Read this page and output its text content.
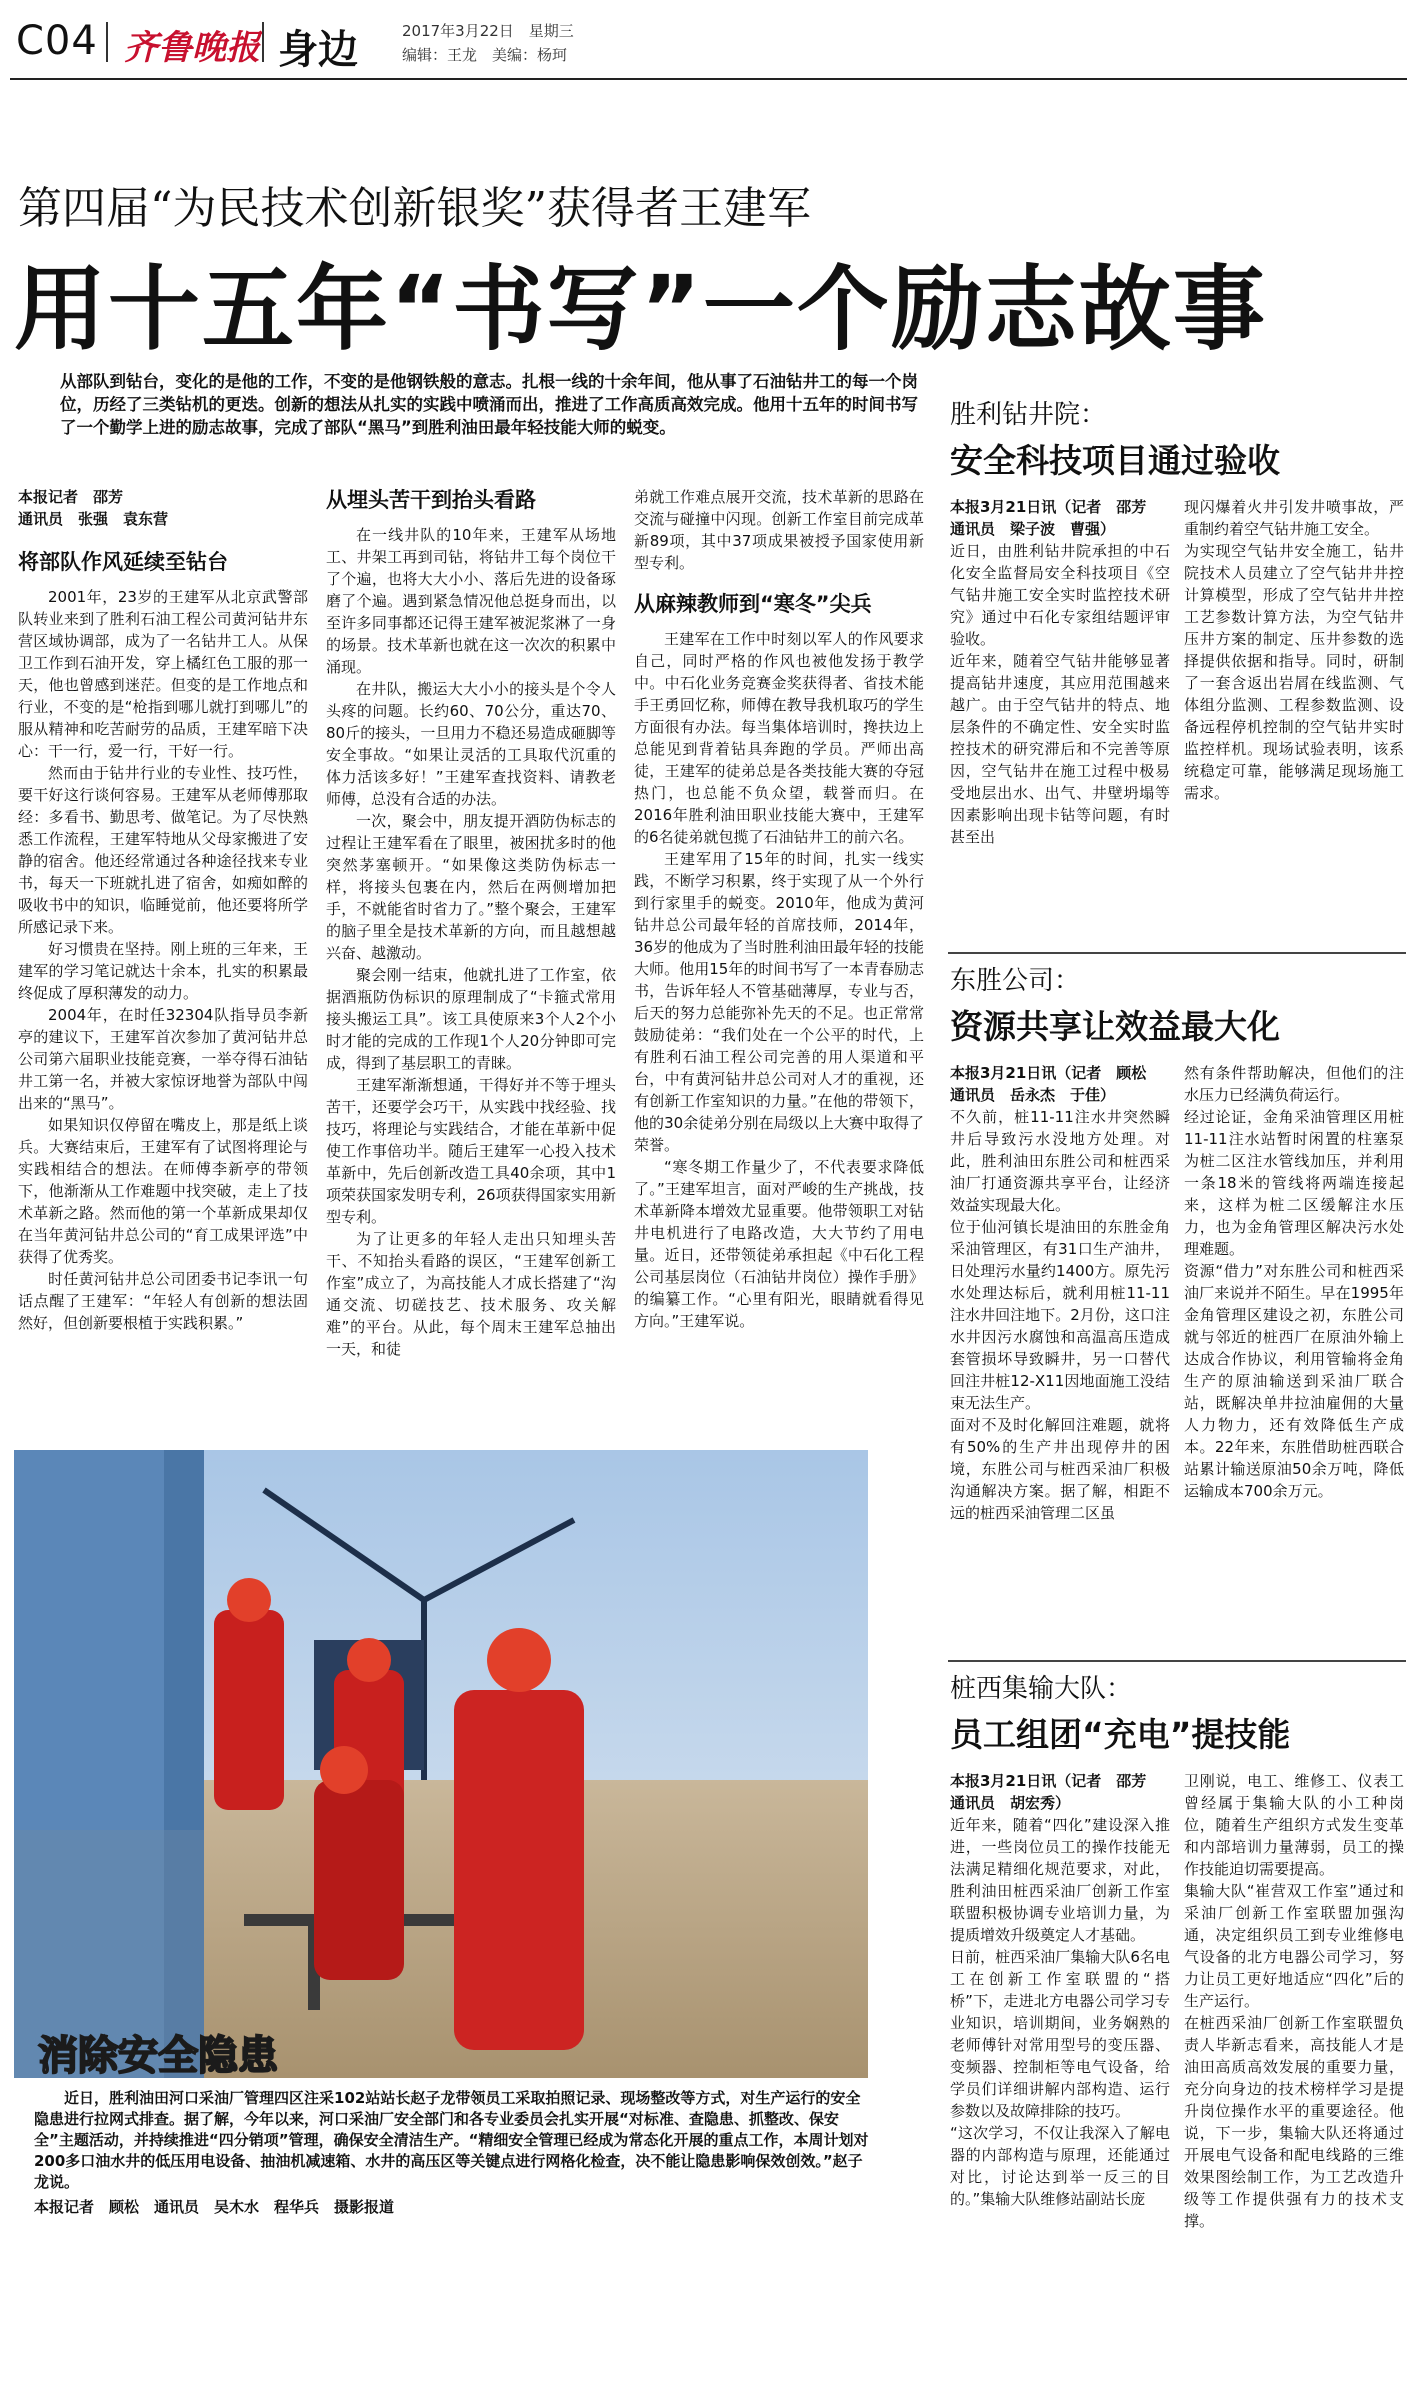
C04 齐鲁晚报 身边	2017年3月22日　星期三
编辑：王龙　美编：杨珂
第四届“为民技术创新银奖”获得者王建军
用十五年“书写”一个励志故事
从部队到钻台，变化的是他的工作，不变的是他钢铁般的意志。扎根一线的十余年间，他从事了石油钻井工的每一个岗位，历经了三类钻机的更迭。创新的想法从扎实的实践中喷涌而出，推进了工作高质高效完成。他用十五年的时间书写了一个勤学上进的励志故事，完成了部队“黑马”到胜利油田最年轻技能大师的蜕变。
本报记者　邵芳
通讯员　张强　袁东营
将部队作风延续至钻台

2001年，23岁的王建军从北京武警部队转业来到了胜利石油工程公司黄河钻井东营区域协调部，成为了一名钻井工人。从保卫工作到石油开发，穿上橘红色工服的那一天，他也曾感到迷茫。但变的是工作地点和行业，不变的是“枪指到哪儿就打到哪儿”的服从精神和吃苦耐劳的品质，王建军暗下决心：干一行，爱一行，干好一行。

然而由于钻井行业的专业性、技巧性，要干好这行谈何容易。王建军从老师傅那取经：多看书、勤思考、做笔记。为了尽快熟悉工作流程，王建军特地从父母家搬进了安静的宿舍。他还经常通过各种途径找来专业书，每天一下班就扎进了宿舍，如痴如醉的吸收书中的知识，临睡觉前，他还要将所学所感记录下来。

好习惯贵在坚持。刚上班的三年来，王建军的学习笔记就达十余本，扎实的积累最终促成了厚积薄发的动力。

2004年，在时任32304队指导员李新亭的建议下，王建军首次参加了黄河钻井总公司第六届职业技能竞赛，一举夺得石油钻井工第一名，并被大家惊讶地誉为部队中闯出来的“黑马”。

如果知识仅停留在嘴皮上，那是纸上谈兵。大赛结束后，王建军有了试图将理论与实践相结合的想法。在师傅李新亭的带领下，他渐渐从工作难题中找突破，走上了技术革新之路。然而他的第一个革新成果却仅在当年黄河钻井总公司的“育工成果评选”中获得了优秀奖。

时任黄河钻井总公司团委书记李讯一句话点醒了王建军：“年轻人有创新的想法固然好，但创新要根植于实践积累。”

从埋头苦干到抬头看路

在一线井队的10年来，王建军从场地工、井架工再到司钻，将钻井工每个岗位干了个遍，也将大大小小、落后先进的设备琢磨了个遍。遇到紧急情况他总挺身而出，以至许多同事都还记得王建军被泥浆淋了一身的场景。技术革新也就在这一次次的积累中涌现。

在井队，搬运大大小小的接头是个令人头疼的问题。长约60、70公分，重达70、80斤的接头，一旦用力不稳还易造成砸脚等安全事故。“如果让灵活的工具取代沉重的体力活该多好！”王建军查找资料、请教老师傅，总没有合适的办法。

一次，聚会中，朋友提开酒防伪标志的过程让王建军看在了眼里，被困扰多时的他突然茅塞顿开。“如果像这类防伪标志一样，将接头包裹在内，然后在两侧增加把手，不就能省时省力了。”整个聚会，王建军的脑子里全是技术革新的方向，而且越想越兴奋、越激动。

聚会刚一结束，他就扎进了工作室，依据酒瓶防伪标识的原理制成了“卡箍式常用接头搬运工具”。该工具使原来3个人2个小时才能的完成的工作现1个人20分钟即可完成，得到了基层职工的青睐。

王建军渐渐想通，干得好并不等于埋头苦干，还要学会巧干，从实践中找经验、找技巧，将理论与实践结合，才能在革新中促使工作事倍功半。随后王建军一心投入技术革新中，先后创新改造工具40余项，其中1项荣获国家发明专利，26项获得国家实用新型专利。

为了让更多的年轻人走出只知埋头苦干、不知抬头看路的误区，“王建军创新工作室”成立了，为高技能人才成长搭建了“沟通交流、切磋技艺、技术服务、攻关解难”的平台。从此，每个周末王建军总抽出一天，和徒

弟就工作难点展开交流，技术革新的思路在交流与碰撞中闪现。创新工作室目前完成革新89项，其中37项成果被授予国家使用新型专利。

从麻辣教师到“寒冬”尖兵

王建军在工作中时刻以军人的作风要求自己，同时严格的作风也被他发扬于教学中。中石化业务竞赛金奖获得者、省技术能手王勇回忆称，师傅在教导我机取巧的学生方面很有办法。每当集体培训时，搀扶边上总能见到背着钻具奔跑的学员。严师出高徒，王建军的徒弟总是各类技能大赛的夺冠热门，也总能不负众望，载誉而归。在2016年胜利油田职业技能大赛中，王建军的6名徒弟就包揽了石油钻井工的前六名。

王建军用了15年的时间，扎实一线实践，不断学习积累，终于实现了从一个外行到行家里手的蜕变。2010年，他成为黄河钻井总公司最年轻的首席技师，2014年，36岁的他成为了当时胜利油田最年轻的技能大师。他用15年的时间书写了一本青春励志书，告诉年轻人不管基础薄厚，专业与否，后天的努力总能弥补先天的不足。也正常常鼓励徒弟：“我们处在一个公平的时代，上有胜利石油工程公司完善的用人渠道和平台，中有黄河钻井总公司对人才的重视，还有创新工作室知识的力量。”在他的带领下，他的30余徒弟分别在局级以上大赛中取得了荣誉。

“寒冬期工作量少了，不代表要求降低了。”王建军坦言，面对严峻的生产挑战，技术革新降本增效尤显重要。他带领职工对钻井电机进行了电路改造，大大节约了用电量。近日，还带领徒弟承担起《中石化工程公司基层岗位（石油钻井岗位）操作手册》的编纂工作。“心里有阳光，眼睛就看得见方向。”王建军说。

胜利钻井院：
安全科技项目通过验收
本报3月21日讯（记者　邵芳　通讯员　梁子波　曹强）
近日，由胜利钻井院承担的中石化安全监督局安全科技项目《空气钻井施工安全实时监控技术研究》通过中石化专家组结题评审验收。
近年来，随着空气钻井能够显著提高钻井速度，其应用范围越来越广。由于空气钻井的特点、地层条件的不确定性、安全实时监控技术的研究滞后和不完善等原因，空气钻井在施工过程中极易受地层出水、出气、井壁坍塌等因素影响出现卡钻等问题，有时甚至出
现闪爆着火井引发井喷事故，严重制约着空气钻井施工安全。
为实现空气钻井安全施工，钻井院技术人员建立了空气钻井井控计算模型，形成了空气钻井井控工艺参数计算方法，为空气钻井压井方案的制定、压井参数的选择提供依据和指导。同时，研制了一套含返出岩屑在线监测、气体组分监测、工程参数监测、设备远程停机控制的空气钻井实时监控样机。现场试验表明，该系统稳定可靠，能够满足现场施工需求。
东胜公司：
资源共享让效益最大化
本报3月21日讯（记者　顾松　通讯员　岳永杰　于佳）
不久前，桩11-11注水井突然瞬井后导致污水没地方处理。对此，胜利油田东胜公司和桩西采油厂打通资源共享平台，让经济效益实现最大化。
位于仙河镇长堤油田的东胜金角采油管理区，有31口生产油井，日处理污水量约1400方。原先污水处理达标后，就利用桩11-11注水井回注地下。2月份，这口注水井因污水腐蚀和高温高压造成套管损坏导致瞬井，另一口替代回注井桩12-X11因地面施工没结束无法生产。
面对不及时化解回注难题，就将有50%的生产井出现停井的困境，东胜公司与桩西采油厂积极沟通解决方案。据了解，相距不远的桩西采油管理二区虽
然有条件帮助解决，但他们的注水压力已经满负荷运行。
经过论证，金角采油管理区用桩11-11注水站暂时闲置的柱塞泵为桩二区注水管线加压，并利用一条18米的管线将两端连接起来，这样为桩二区缓解注水压力，也为金角管理区解决污水处理难题。
资源“借力”对东胜公司和桩西采油厂来说并不陌生。早在1995年金角管理区建设之初，东胜公司就与邻近的桩西厂在原油外输上达成合作协议，利用管输将金角生产的原油输送到采油厂联合站，既解决单井拉油雇佣的大量人力物力，还有效降低生产成本。22年来，东胜借助桩西联合站累计输送原油50余万吨，降低运输成本700余万元。
桩西集输大队：
员工组团“充电”提技能
本报3月21日讯（记者　邵芳　通讯员　胡宏秀）
近年来，随着“四化”建设深入推进，一些岗位员工的操作技能无法满足精细化规范要求，对此，胜利油田桩西采油厂创新工作室联盟积极协调专业培训力量，为提质增效升级奠定人才基础。
日前，桩西采油厂集输大队6名电工在创新工作室联盟的“搭桥”下，走进北方电器公司学习专业知识，培训期间，业务娴熟的老师傅针对常用型号的变压器、变频器、控制柜等电气设备，给学员们详细讲解内部构造、运行参数以及故障排除的技巧。
“这次学习，不仅让我深入了解电器的内部构造与原理，还能通过对比，讨论达到举一反三的目的。”集输大队维修站副站长庞
卫刚说，电工、维修工、仪表工曾经属于集输大队的小工种岗位，随着生产组织方式发生变革和内部培训力量薄弱，员工的操作技能迫切需要提高。
集输大队“崔营双工作室”通过和采油厂创新工作室联盟加强沟通，决定组织员工到专业维修电气设备的北方电器公司学习，努力让员工更好地适应“四化”后的生产运行。
在桩西采油厂创新工作室联盟负责人毕新志看来，高技能人才是油田高质高效发展的重要力量，充分向身边的技术榜样学习是提升岗位操作水平的重要途径。他说，下一步，集输大队还将通过开展电气设备和配电线路的三维效果图绘制工作，为工艺改造升级等工作提供强有力的技术支撑。
消除安全隐患
近日，胜利油田河口采油厂管理四区注采102站站长赵子龙带领员工采取拍照记录、现场整改等方式，对生产运行的安全隐患进行拉网式排查。据了解，今年以来，河口采油厂安全部门和各专业委员会扎实开展“对标准、查隐患、抓整改、保安全”主题活动，并持续推进“四分销项”管理，确保安全清洁生产。“精细安全管理已经成为常态化开展的重点工作，本周计划对200多口油水井的低压用电设备、抽油机减速箱、水井的高压区等关键点进行网格化检查，决不能让隐患影响保效创效。”赵子龙说。
本报记者　顾松　通讯员　吴木水　程华兵　摄影报道
